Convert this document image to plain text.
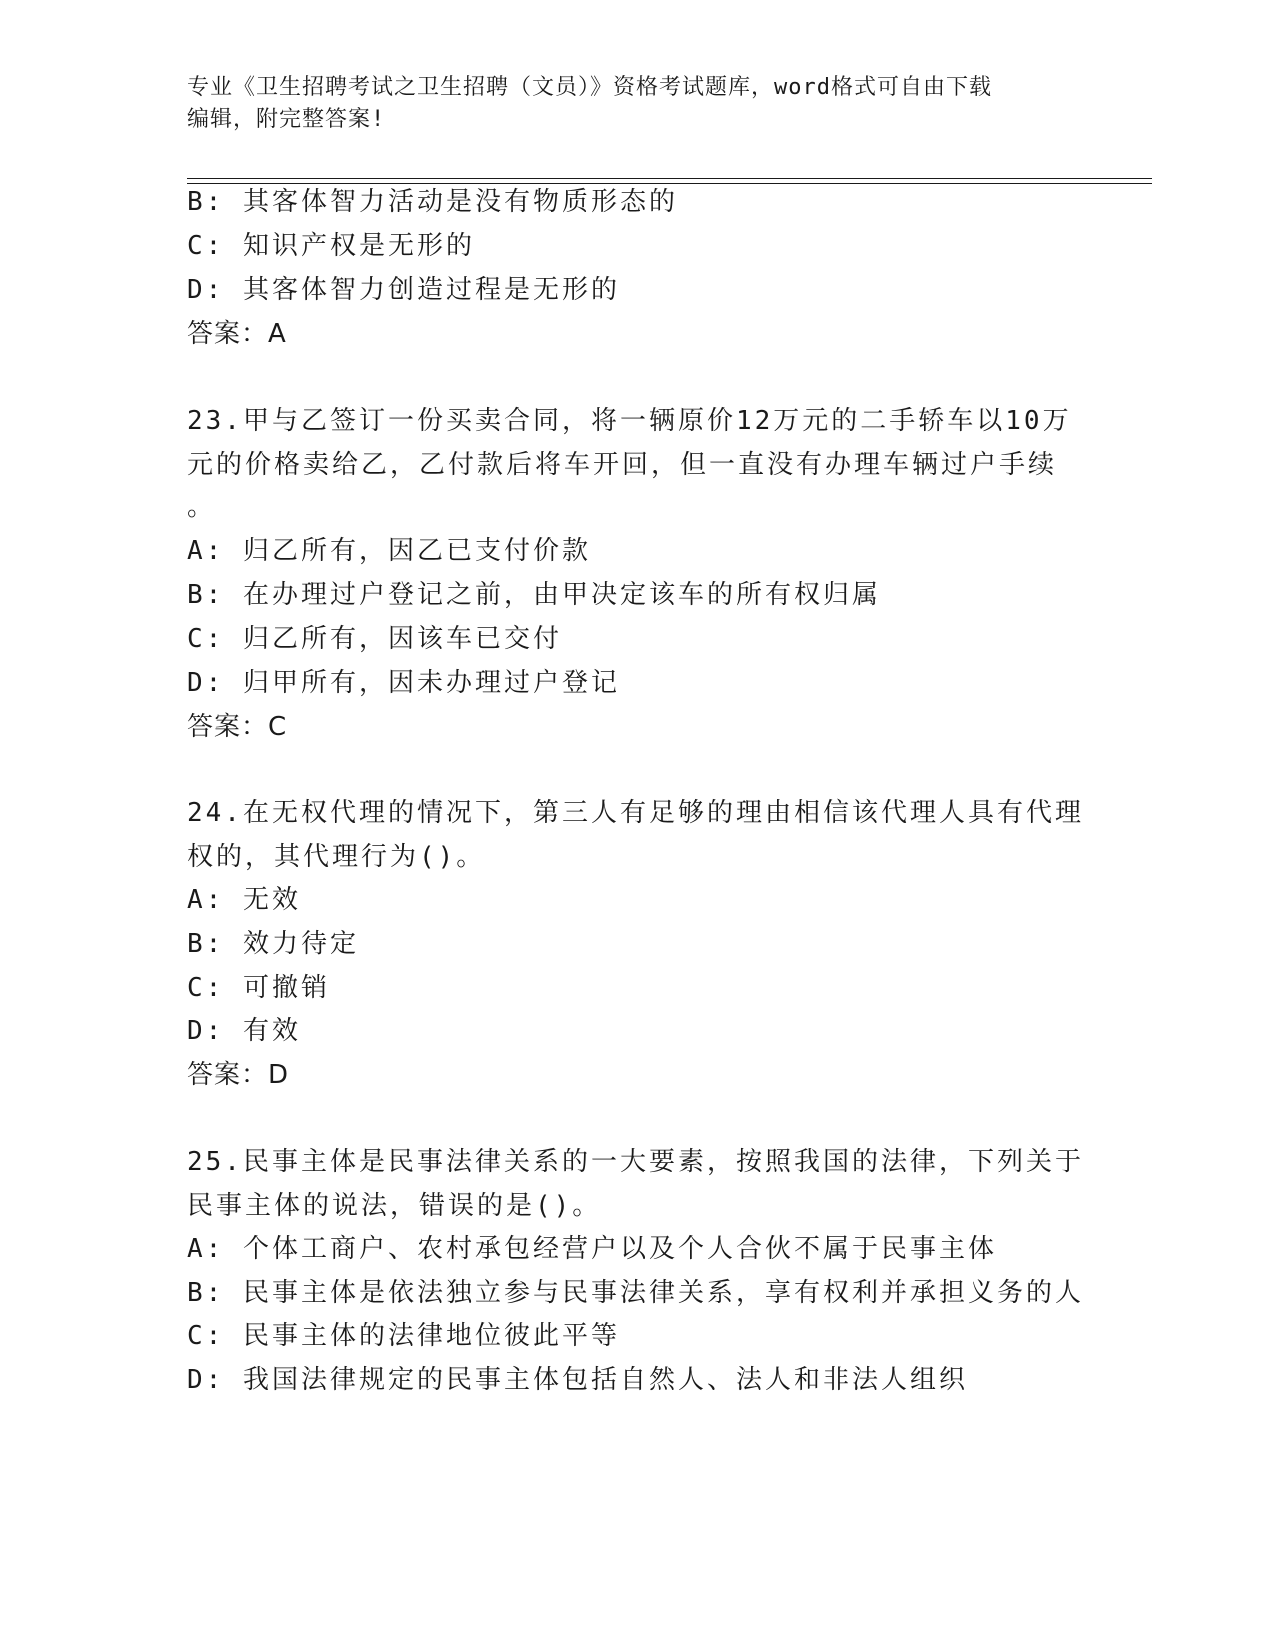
专业《卫生招聘考试之卫生招聘（文员）》资格考试题库，word格式可自由下载
编辑，附完整答案!
B: 其客体智力活动是没有物质形态的
C: 知识产权是无形的
D: 其客体智力创造过程是无形的
答案：A
23.甲与乙签订一份买卖合同，将一辆原价12万元的二手轿车以10万
元的价格卖给乙，乙付款后将车开回，但一直没有办理车辆过户手续
。
A: 归乙所有，因乙已支付价款
B: 在办理过户登记之前，由甲决定该车的所有权归属
C: 归乙所有，因该车已交付
D: 归甲所有，因未办理过户登记
答案：C
24.在无权代理的情况下，第三人有足够的理由相信该代理人具有代理
权的，其代理行为()。
A: 无效
B: 效力待定
C: 可撤销
D: 有效
答案：D
25.民事主体是民事法律关系的一大要素，按照我国的法律，下列关于
民事主体的说法，错误的是()。
A: 个体工商户、农村承包经营户以及个人合伙不属于民事主体
B: 民事主体是依法独立参与民事法律关系，享有权利并承担义务的人
C: 民事主体的法律地位彼此平等
D: 我国法律规定的民事主体包括自然人、法人和非法人组织
